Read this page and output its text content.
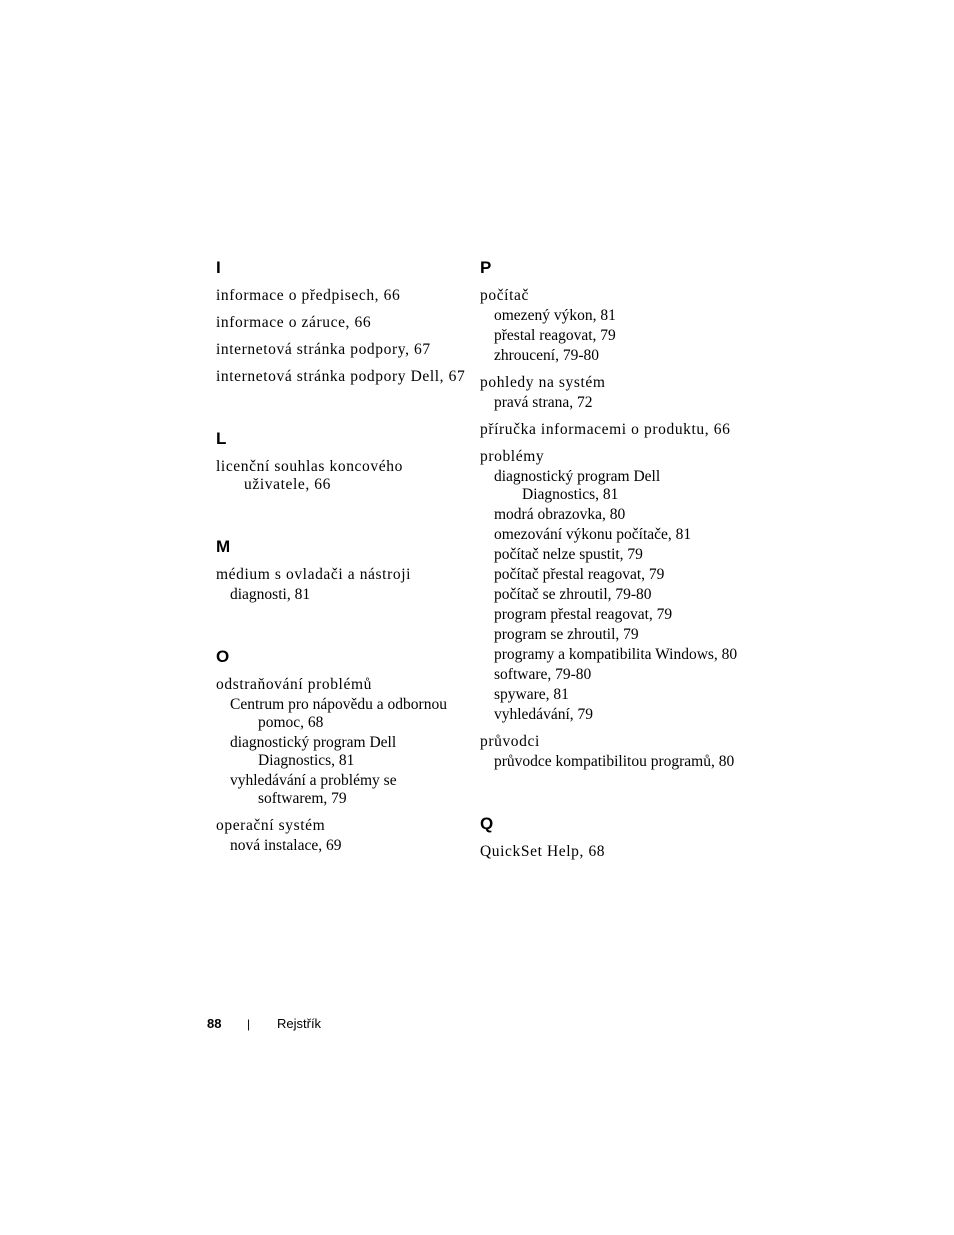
I
informace o předpisech, 66
informace o záruce, 66
internetová stránka podpory, 67
internetová stránka podpory Dell, 67
L
licenční souhlas koncového uživatele, 66
M
médium s ovladači a nástroji
diagnosti, 81
O
odstraňování problémů
Centrum pro nápovědu a odbornou pomoc, 68
diagnostický program Dell Diagnostics, 81
vyhledávání a problémy se softwarem, 79
operační systém
nová instalace, 69
P
počítač
omezený výkon, 81
přestal reagovat, 79
zhroucení, 79-80
pohledy na systém
pravá strana, 72
příručka informacemi o produktu, 66
problémy
diagnostický program Dell Diagnostics, 81
modrá obrazovka, 80
omezování výkonu počítače, 81
počítač nelze spustit, 79
počítač přestal reagovat, 79
počítač se zhroutil, 79-80
program přestal reagovat, 79
program se zhroutil, 79
programy a kompatibilita Windows, 80
software, 79-80
spyware, 81
vyhledávání, 79
průvodci
průvodce kompatibilitou programů, 80
Q
QuickSet Help, 68
88	|	Rejstřík
